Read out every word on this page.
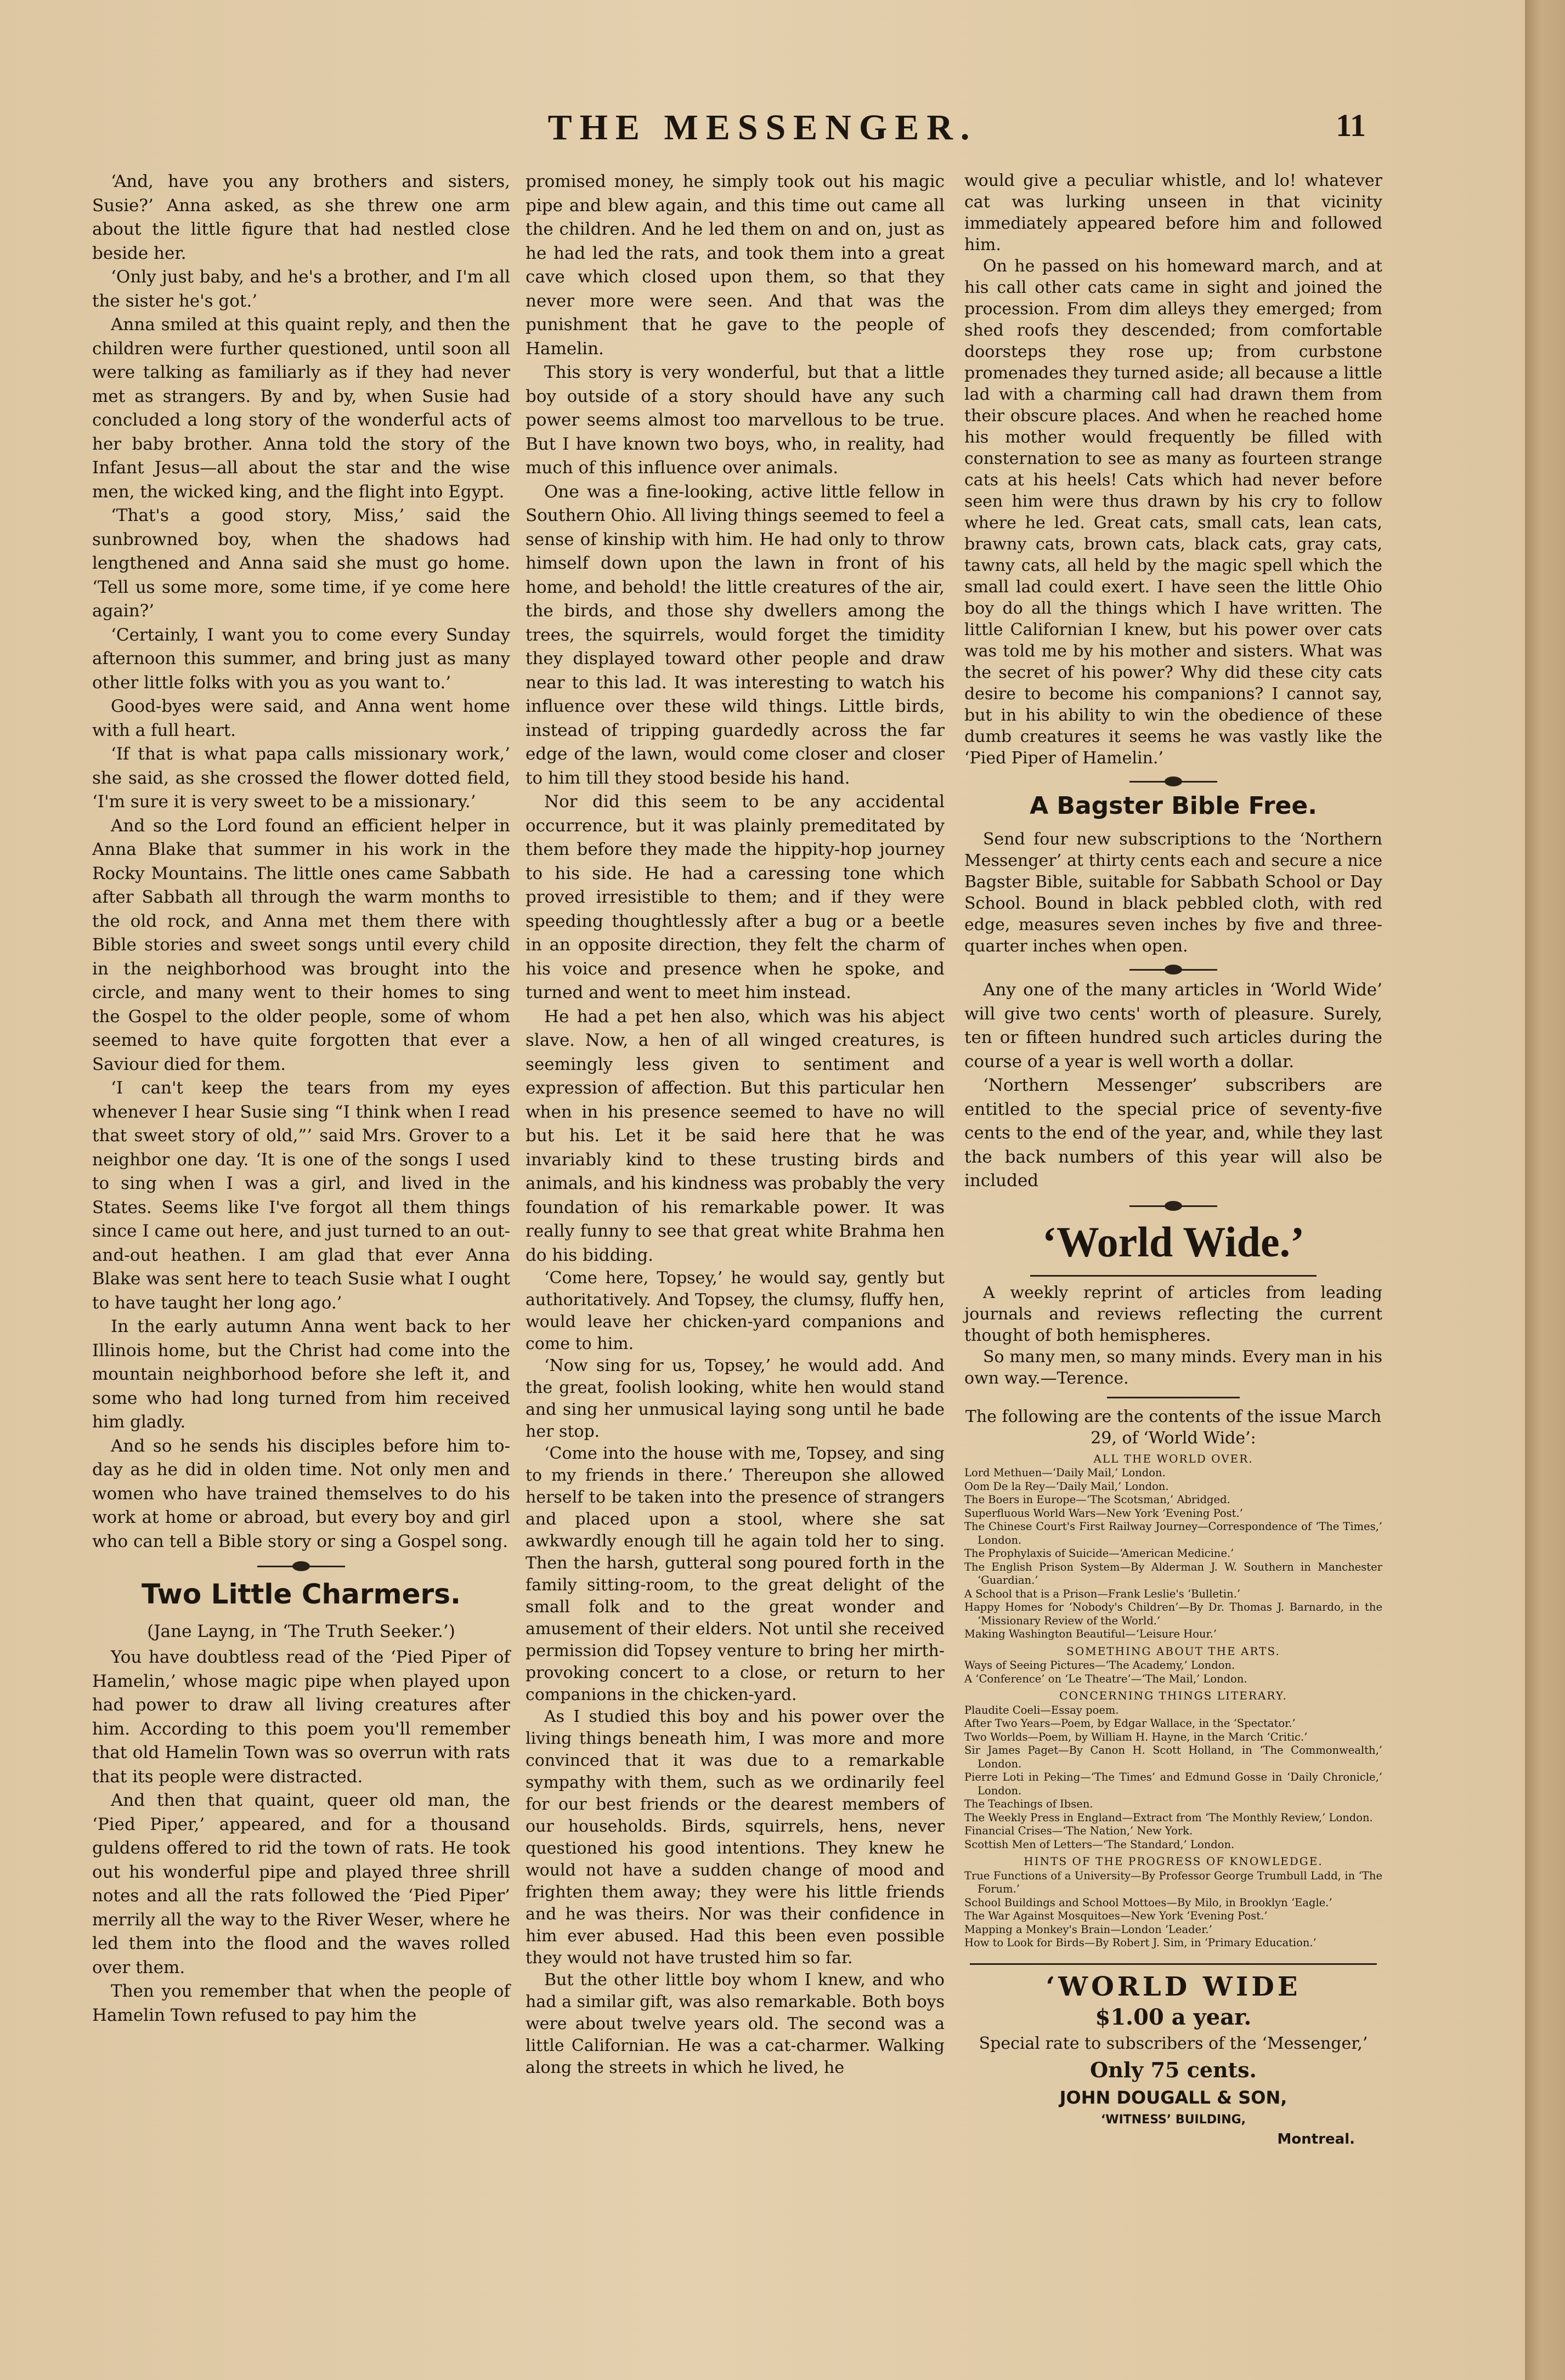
THE MESSENGER.	11

‘And, have you any brothers and sisters, Susie?’ Anna asked, as she threw one arm about the little figure that had nestled close beside her.

‘Only just baby, and he's a brother, and I'm all the sister he's got.’

Anna smiled at this quaint reply, and then the children were further questioned, until soon all were talking as familiarly as if they had never met as strangers. By and by, when Susie had concluded a long story of the wonderful acts of her baby brother. Anna told the story of the Infant Jesus—all about the star and the wise men, the wicked king, and the flight into Egypt.

‘That's a good story, Miss,’ said the sunbrowned boy, when the shadows had lengthened and Anna said she must go home. ‘Tell us some more, some time, if ye come here again?’

‘Certainly, I want you to come every Sunday afternoon this summer, and bring just as many other little folks with you as you want to.’

Good-byes were said, and Anna went home with a full heart.

‘If that is what papa calls missionary work,’ she said, as she crossed the flower dotted field, ‘I'm sure it is very sweet to be a missionary.’

And so the Lord found an efficient helper in Anna Blake that summer in his work in the Rocky Mountains. The little ones came Sabbath after Sabbath all through the warm months to the old rock, and Anna met them there with Bible stories and sweet songs until every child in the neighborhood was brought into the circle, and many went to their homes to sing the Gospel to the older people, some of whom seemed to have quite forgotten that ever a Saviour died for them.

‘I can't keep the tears from my eyes whenever I hear Susie sing “I think when I read that sweet story of old,”’ said Mrs. Grover to a neighbor one day. ‘It is one of the songs I used to sing when I was a girl, and lived in the States. Seems like I've forgot all them things since I came out here, and just turned to an out-and-out heathen. I am glad that ever Anna Blake was sent here to teach Susie what I ought to have taught her long ago.’

In the early autumn Anna went back to her Illinois home, but the Christ had come into the mountain neighborhood before she left it, and some who had long turned from him received him gladly.

And so he sends his disciples before him to-day as he did in olden time. Not only men and women who have trained themselves to do his work at home or abroad, but every boy and girl who can tell a Bible story or sing a Gospel song.

Two Little Charmers.
(Jane Layng, in ‘The Truth Seeker.’)

You have doubtless read of the ‘Pied Piper of Hamelin,’ whose magic pipe when played upon had power to draw all living creatures after him. According to this poem you'll remember that old Hamelin Town was so overrun with rats that its people were distracted.

And then that quaint, queer old man, the ‘Pied Piper,’ appeared, and for a thousand guldens offered to rid the town of rats. He took out his wonderful pipe and played three shrill notes and all the rats followed the ‘Pied Piper’ merrily all the way to the River Weser, where he led them into the flood and the waves rolled over them.

Then you remember that when the people of Hamelin Town refused to pay him the

promised money, he simply took out his magic pipe and blew again, and this time out came all the children. And he led them on and on, just as he had led the rats, and took them into a great cave which closed upon them, so that they never more were seen. And that was the punishment that he gave to the people of Hamelin.

This story is very wonderful, but that a little boy outside of a story should have any such power seems almost too marvellous to be true. But I have known two boys, who, in reality, had much of this influence over animals.

One was a fine-looking, active little fellow in Southern Ohio. All living things seemed to feel a sense of kinship with him. He had only to throw himself down upon the lawn in front of his home, and behold! the little creatures of the air, the birds, and those shy dwellers among the trees, the squirrels, would forget the timidity they displayed toward other people and draw near to this lad. It was interesting to watch his influence over these wild things. Little birds, instead of tripping guardedly across the far edge of the lawn, would come closer and closer to him till they stood beside his hand.

Nor did this seem to be any accidental occurrence, but it was plainly premeditated by them before they made the hippity-hop journey to his side. He had a caressing tone which proved irresistible to them; and if they were speeding thoughtlessly after a bug or a beetle in an opposite direction, they felt the charm of his voice and presence when he spoke, and turned and went to meet him instead.

He had a pet hen also, which was his abject slave. Now, a hen of all winged creatures, is seemingly less given to sentiment and expression of affection. But this particular hen when in his presence seemed to have no will but his. Let it be said here that he was invariably kind to these trusting birds and animals, and his kindness was probably the very foundation of his remarkable power. It was really funny to see that great white Brahma hen do his bidding.

‘Come here, Topsey,’ he would say, gently but authoritatively. And Topsey, the clumsy, fluffy hen, would leave her chicken-yard companions and come to him.

‘Now sing for us, Topsey,’ he would add. And the great, foolish looking, white hen would stand and sing her unmusical laying song until he bade her stop.

‘Come into the house with me, Topsey, and sing to my friends in there.’ Thereupon she allowed herself to be taken into the presence of strangers and placed upon a stool, where she sat awkwardly enough till he again told her to sing. Then the harsh, gutteral song poured forth in the family sitting-room, to the great delight of the small folk and to the great wonder and amusement of their elders. Not until she received permission did Topsey venture to bring her mirth-provoking concert to a close, or return to her companions in the chicken-yard.

As I studied this boy and his power over the living things beneath him, I was more and more convinced that it was due to a remarkable sympathy with them, such as we ordinarily feel for our best friends or the dearest members of our households. Birds, squirrels, hens, never questioned his good intentions. They knew he would not have a sudden change of mood and frighten them away; they were his little friends and he was theirs. Nor was their confidence in him ever abused. Had this been even possible they would not have trusted him so far.

But the other little boy whom I knew, and who had a similar gift, was also remarkable. Both boys were about twelve years old. The second was a little Californian. He was a cat-charmer. Walking along the streets in which he lived, he

would give a peculiar whistle, and lo! whatever cat was lurking unseen in that vicinity immediately appeared before him and followed him.

On he passed on his homeward march, and at his call other cats came in sight and joined the procession. From dim alleys they emerged; from shed roofs they descended; from comfortable doorsteps they rose up; from curbstone promenades they turned aside; all because a little lad with a charming call had drawn them from their obscure places. And when he reached home his mother would frequently be filled with consternation to see as many as fourteen strange cats at his heels! Cats which had never before seen him were thus drawn by his cry to follow where he led. Great cats, small cats, lean cats, brawny cats, brown cats, black cats, gray cats, tawny cats, all held by the magic spell which the small lad could exert. I have seen the little Ohio boy do all the things which I have written. The little Californian I knew, but his power over cats was told me by his mother and sisters. What was the secret of his power? Why did these city cats desire to become his companions? I cannot say, but in his ability to win the obedience of these dumb creatures it seems he was vastly like the ‘Pied Piper of Hamelin.’

A Bagster Bible Free.

Send four new subscriptions to the ‘Northern Messenger’ at thirty cents each and secure a nice Bagster Bible, suitable for Sabbath School or Day School. Bound in black pebbled cloth, with red edge, measures seven inches by five and three-quarter inches when open.

Any one of the many articles in ‘World Wide’ will give two cents' worth of pleasure. Surely, ten or fifteen hundred such articles during the course of a year is well worth a dollar.

‘Northern Messenger’ subscribers are entitled to the special price of seventy-five cents to the end of the year, and, while they last the back numbers of this year will also be included

‘World Wide.’

A weekly reprint of articles from leading journals and reviews reflecting the current thought of both hemispheres.

So many men, so many minds. Every man in his own way.—Terence.

The following are the contents of the issue March 29, of ‘World Wide’:

ALL THE WORLD OVER.
Lord Methuen—‘Daily Mail,’ London.
Oom De la Rey—‘Daily Mail,’ London.
The Boers in Europe—‘The Scotsman,’ Abridged.
Superfluous World Wars—New York ‘Evening Post.’
The Chinese Court's First Railway Journey—Correspondence of ‘The Times,’ London.
The Prophylaxis of Suicide—‘American Medicine.’
The English Prison System—By Alderman J. W. Southern in Manchester ‘Guardian.’
A School that is a Prison—Frank Leslie's ‘Bulletin.’
Happy Homes for ‘Nobody's Children’—By Dr. Thomas J. Barnardo, in the ‘Missionary Review of the World.’
Making Washington Beautiful—‘Leisure Hour.’
SOMETHING ABOUT THE ARTS.
Ways of Seeing Pictures—‘The Academy,’ London.
A ‘Conference’ on ‘Le Theatre’—‘The Mail,’ London.
CONCERNING THINGS LITERARY.
Plaudite Coeli—Essay poem.
After Two Years—Poem, by Edgar Wallace, in the ‘Spectator.’
Two Worlds—Poem, by William H. Hayne, in the March ‘Critic.’
Sir James Paget—By Canon H. Scott Holland, in ‘The Commonwealth,’ London.
Pierre Loti in Peking—‘The Times’ and Edmund Gosse in ‘Daily Chronicle,’ London.
The Teachings of Ibsen.
The Weekly Press in England—Extract from ‘The Monthly Review,’ London.
Financial Crises—‘The Nation,’ New York.
Scottish Men of Letters—‘The Standard,’ London.
HINTS OF THE PROGRESS OF KNOWLEDGE.
True Functions of a University—By Professor George Trumbull Ladd, in ‘The Forum.’
School Buildings and School Mottoes—By Milo, in Brooklyn ‘Eagle.’
The War Against Mosquitoes—New York ‘Evening Post.’
Mapping a Monkey's Brain—London ‘Leader.’
How to Look for Birds—By Robert J. Sim, in ‘Primary Education.’
‘WORLD WIDE
$1.00 a year.
Special rate to subscribers of the ‘Messenger,’
Only 75 cents.
JOHN DOUGALL & SON,
‘WITNESS’ BUILDING,
Montreal.
